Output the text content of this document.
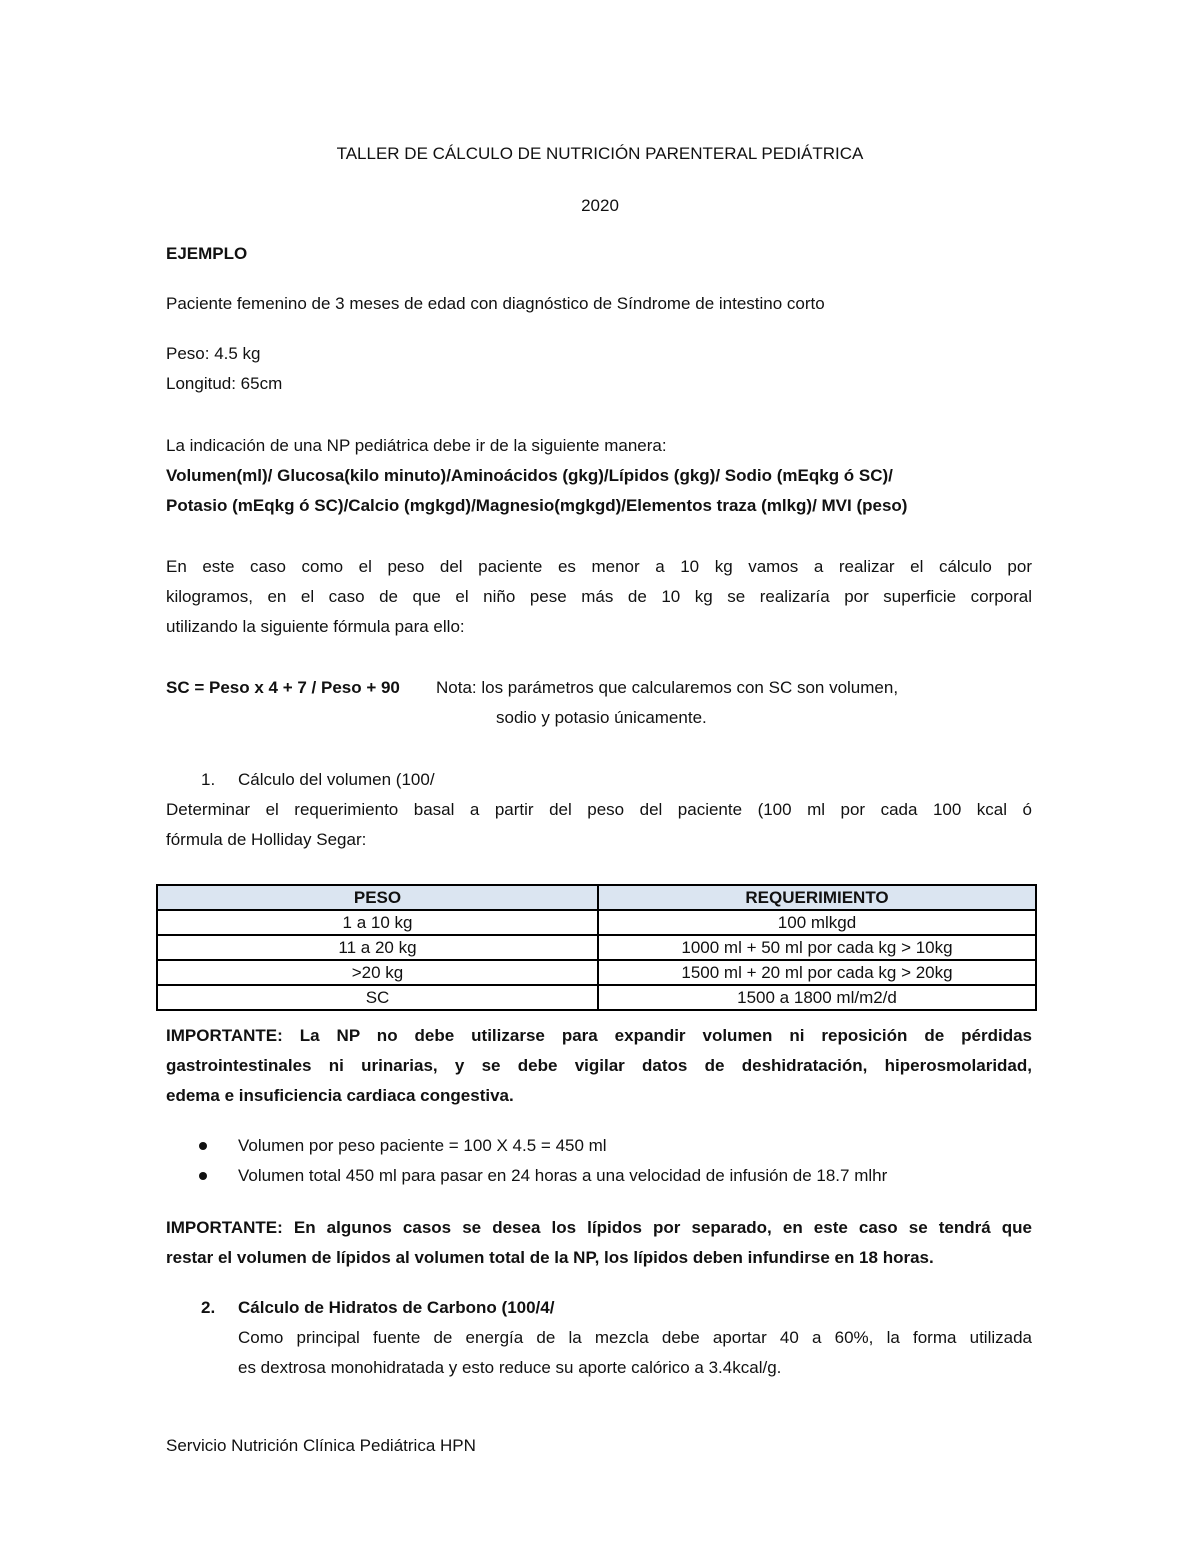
TALLER DE CÁLCULO DE NUTRICIÓN PARENTERAL PEDIÁTRICA
2020
EJEMPLO
Paciente femenino de 3 meses de edad con diagnóstico de Síndrome de intestino corto
Peso: 4.5 kg
Longitud: 65cm
La indicación de una NP pediátrica debe ir de la siguiente manera:
Volumen(ml)/ Glucosa(kilo minuto)/Aminoácidos (gkg)/Lípidos (gkg)/ Sodio (mEqkg ó SC)/
Potasio (mEqkg ó SC)/Calcio (mgkgd)/Magnesio(mgkgd)/Elementos traza (mlkg)/ MVI (peso)
En este caso como el peso del paciente es menor a 10 kg vamos a realizar el cálculo por
kilogramos, en el caso de que el niño pese más de 10 kg se realizaría por superficie corporal
utilizando la siguiente fórmula para ello:
SC = Peso x 4 + 7 / Peso + 90 Nota: los parámetros que calcularemos con SC son volumen,
sodio y potasio únicamente.
1. Cálculo del volumen (100/
Determinar el requerimiento basal a partir del peso del paciente (100 ml por cada 100 kcal ó
fórmula de Holliday Segar:
PESO	REQUERIMIENTO
1 a 10 kg	100 mlkgd
11 a 20 kg	1000 ml + 50 ml por cada kg > 10kg
>20 kg	1500 ml + 20 ml por cada kg > 20kg
SC	1500 a 1800 ml/m2/d
IMPORTANTE: La NP no debe utilizarse para expandir volumen ni reposición de pérdidas
gastrointestinales ni urinarias, y se debe vigilar datos de deshidratación, hiperosmolaridad,
edema e insuficiencia cardiaca congestiva.
Volumen por peso paciente = 100 X 4.5 = 450 ml
Volumen total 450 ml para pasar en 24 horas a una velocidad de infusión de 18.7 mlhr
IMPORTANTE: En algunos casos se desea los lípidos por separado, en este caso se tendrá que
restar el volumen de lípidos al volumen total de la NP, los lípidos deben infundirse en 18 horas.
2. Cálculo de Hidratos de Carbono (100/4/
Como principal fuente de energía de la mezcla debe aportar 40 a 60%, la forma utilizada
es dextrosa monohidratada y esto reduce su aporte calórico a 3.4kcal/g.
Servicio Nutrición Clínica Pediátrica HPN
